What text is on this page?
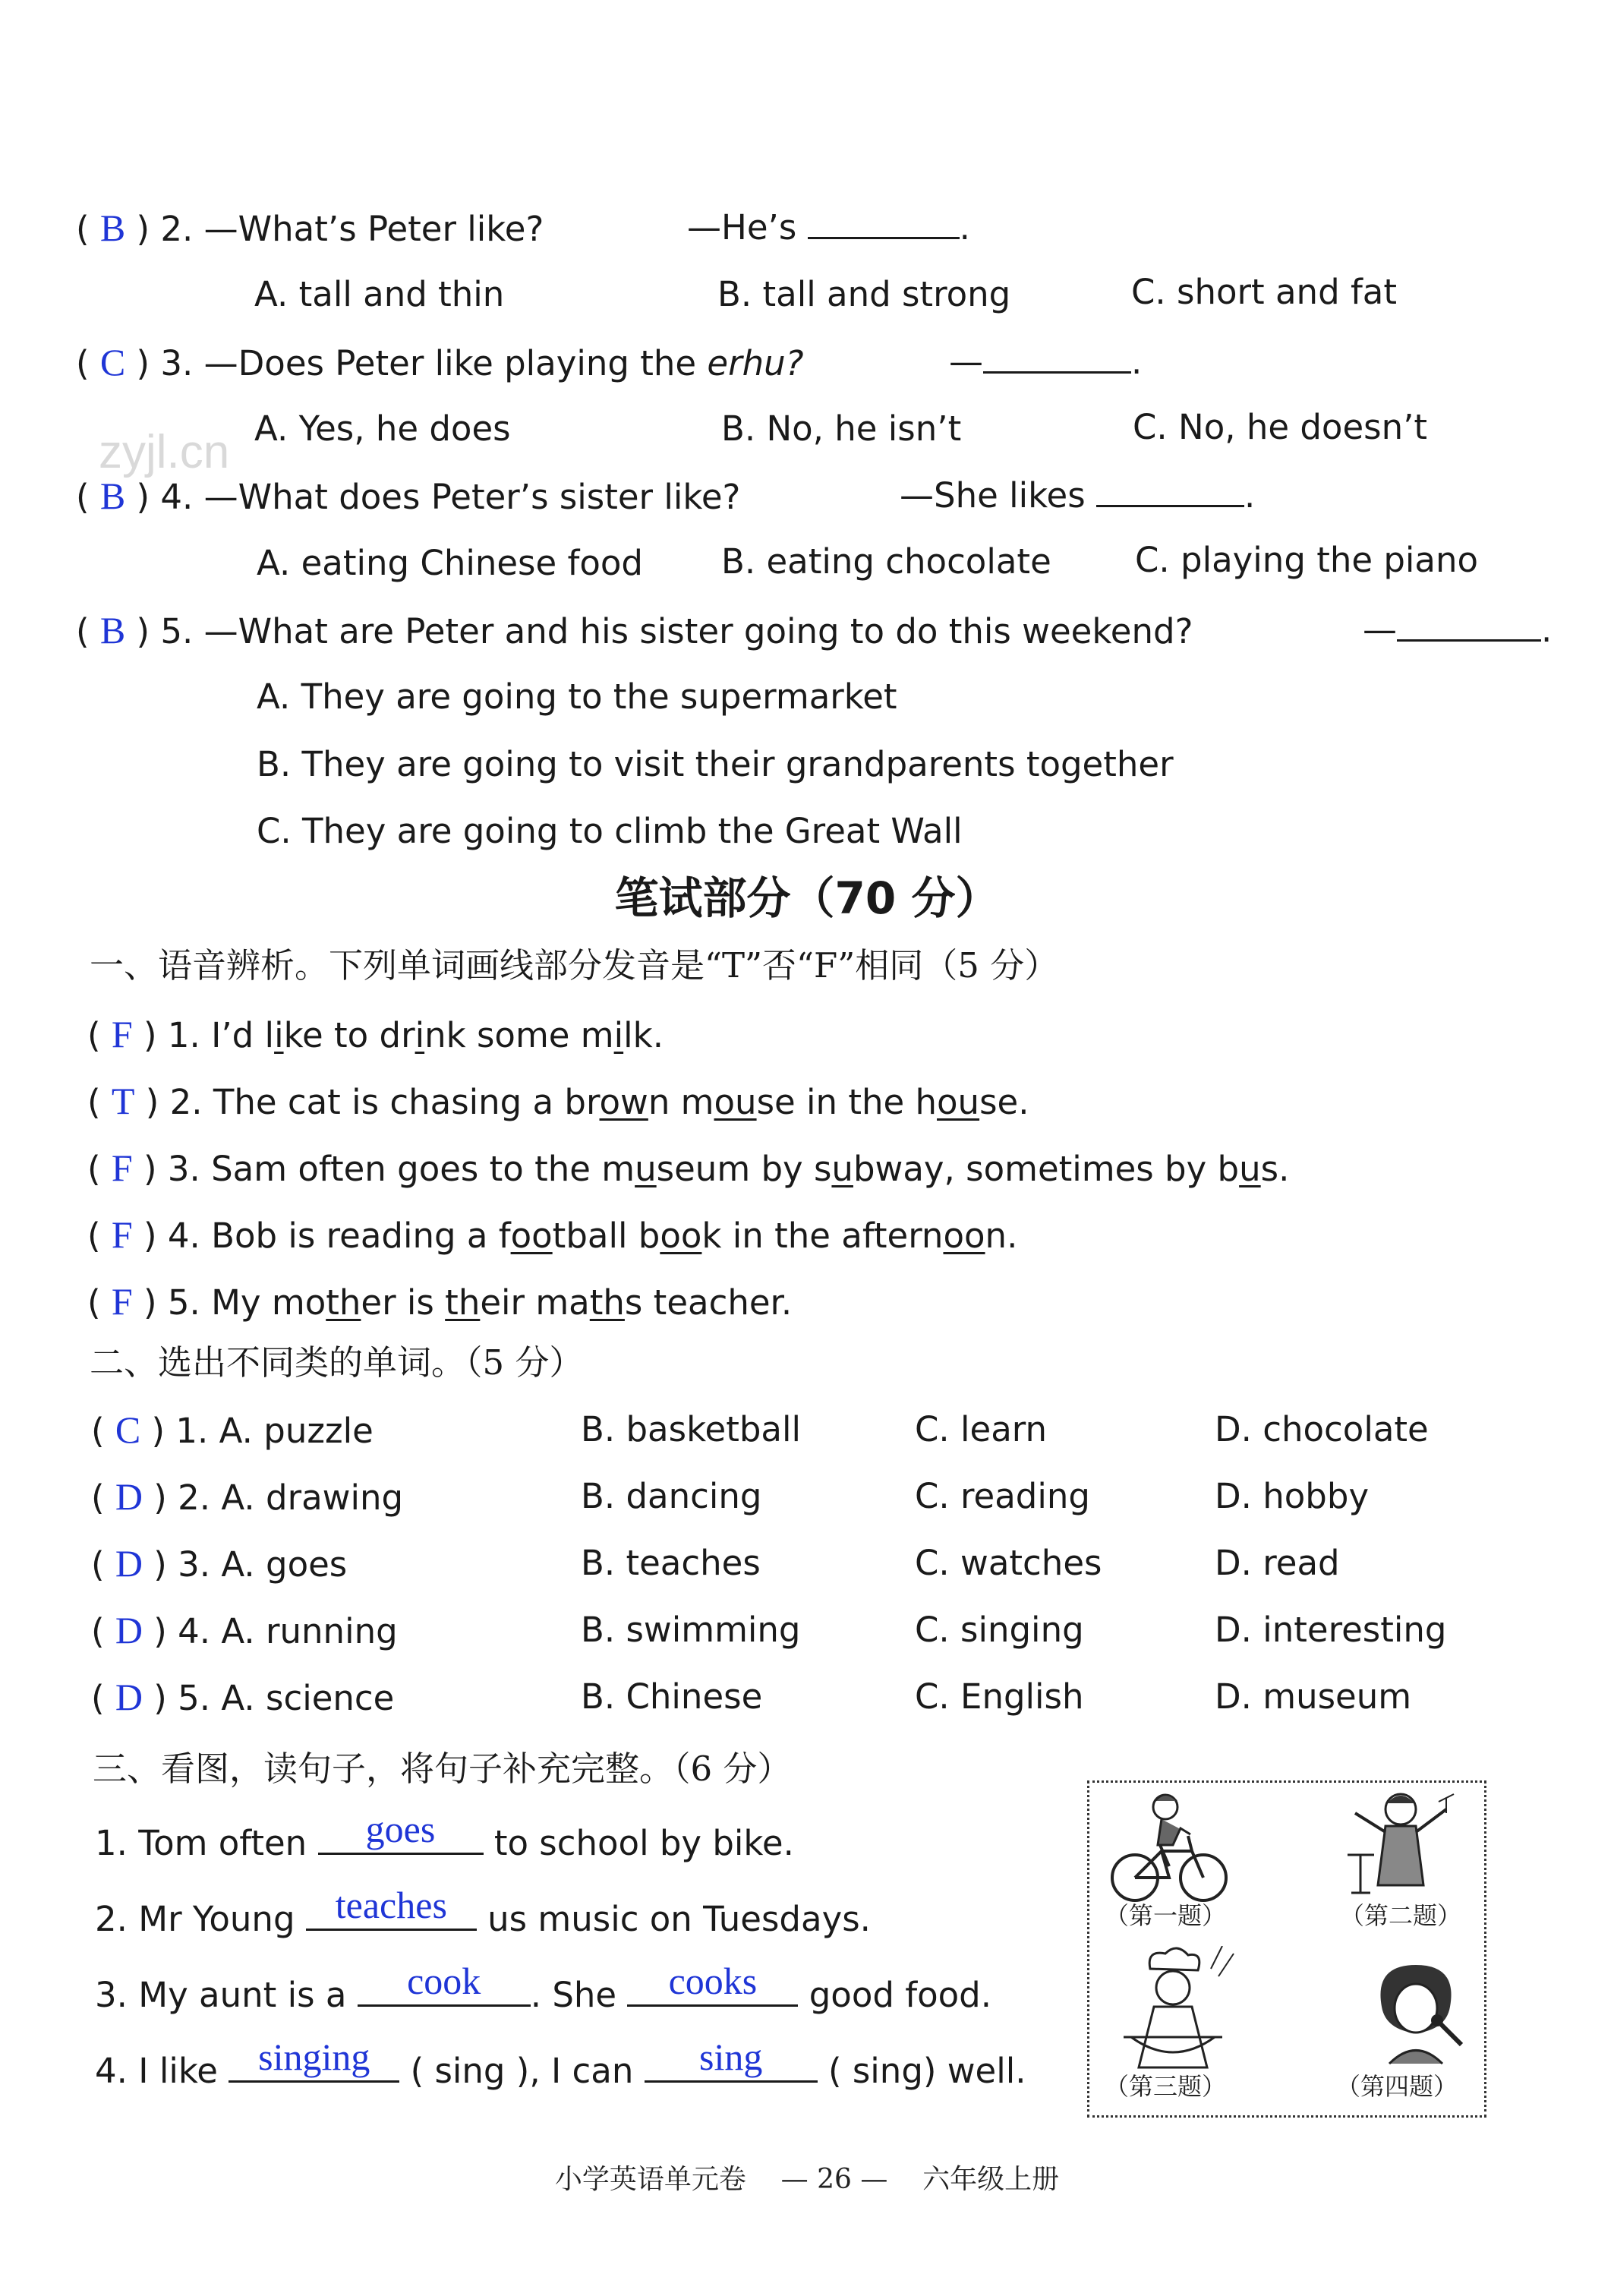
zyjl.cn
( B ) 2. —What’s Peter like?	—He’s	.
A. tall and thin	B. tall and strong	C. short and fat
( C ) 3. —Does Peter like playing the erhu?	—	.
A. Yes, he does	B. No, he isn’t	C. No, he doesn’t
( B ) 4. —What does Peter’s sister like?	—She likes	.
A. eating Chinese food B. eating chocolate C. playing the piano
( B ) 5. —What are Peter and his sister going to do this weekend?	—	.
A. They are going to the supermarket
B. They are going to visit their grandparents together
C. They are going to climb the Great Wall
笔试部分（70 分）
一、语音辨析。下列单词画线部分发音是“T”否“F”相同（5 分）
( F ) 1. I’d like to drink some milk.
( T ) 2. The cat is chasing a brown mouse in the house.
( F ) 3. Sam often goes to the museum by subway, sometimes by bus.
( F ) 4. Bob is reading a football book in the afternoon.
( F ) 5. My mother is their maths teacher.
二、选出不同类的单词。（5 分）
( C ) 1. A. puzzle	B. basketball	C. learn	D. chocolate
( D ) 2. A. drawing	B. dancing	C. reading	D. hobby
( D ) 3. A. goes	B. teaches	C. watches	D. read
( D ) 4. A. running	B. swimming	C. singing	D. interesting
( D ) 5. A. science	B. Chinese	C. English	D. museum
三、看图，读句子，将句子补充完整。（6 分）
1. Tom often	goes	to school by bike.
2. Mr Young	teaches	us music on Tuesdays.
3. My aunt is a	cook	. She	cooks	good food.
4. I like	singing	( sing ), I can	sing	( sing) well.
（第一题）	（第二题）
（第三题）	（第四题）
小学英语单元卷 — 26 — 六年级上册
